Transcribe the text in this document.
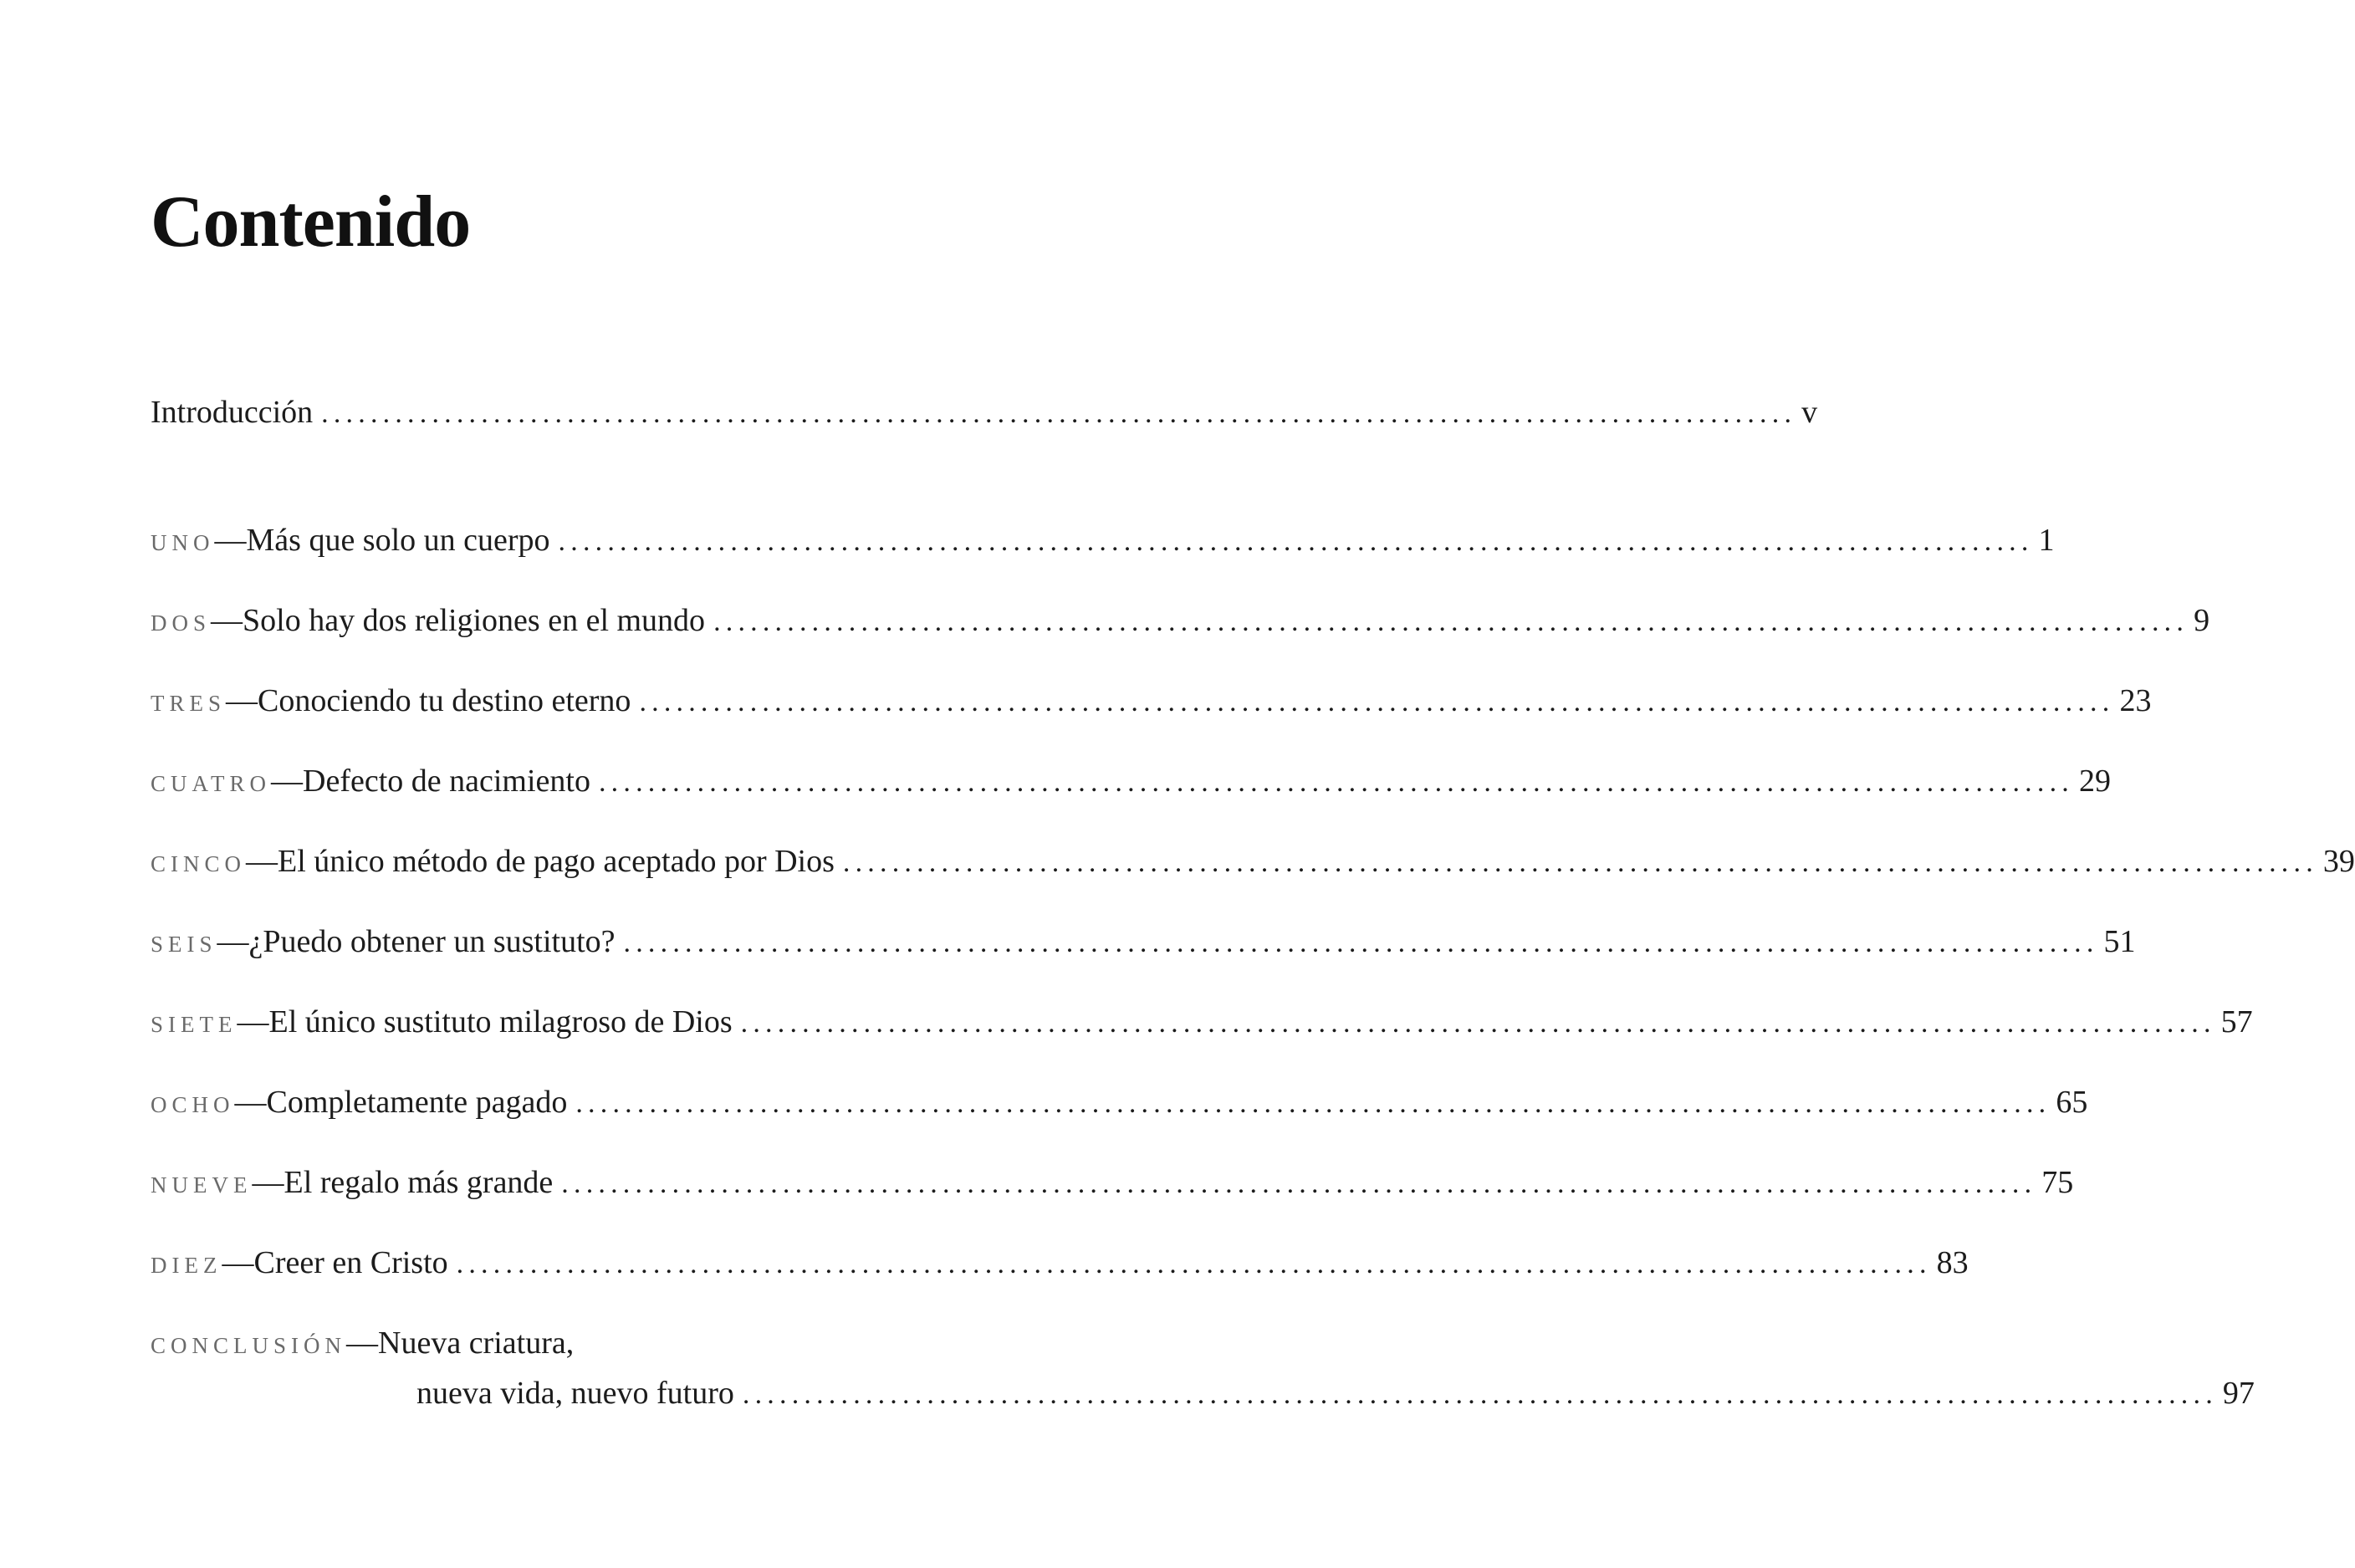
Contenido
Introducción ........................................................................................................................ v
UNO — Más que solo un cuerpo ........................................................................................................................ 1
DOS — Solo hay dos religiones en el mundo ........................................................................................................................ 9
TRES — Conociendo tu destino eterno ........................................................................................................................ 23
CUATRO — Defecto de nacimiento ........................................................................................................................ 29
CINCO — El único método de pago aceptado por Dios ........................................................................................................................ 39
SEIS — ¿Puedo obtener un sustituto? ........................................................................................................................ 51
SIETE — El único sustituto milagroso de Dios ........................................................................................................................ 57
OCHO — Completamente pagado ........................................................................................................................ 65
NUEVE — El regalo más grande ........................................................................................................................ 75
DIEZ — Creer en Cristo ........................................................................................................................ 83
CONCLUSIÓN — Nueva criatura,
nueva vida, nuevo futuro ........................................................................................................................ 97
